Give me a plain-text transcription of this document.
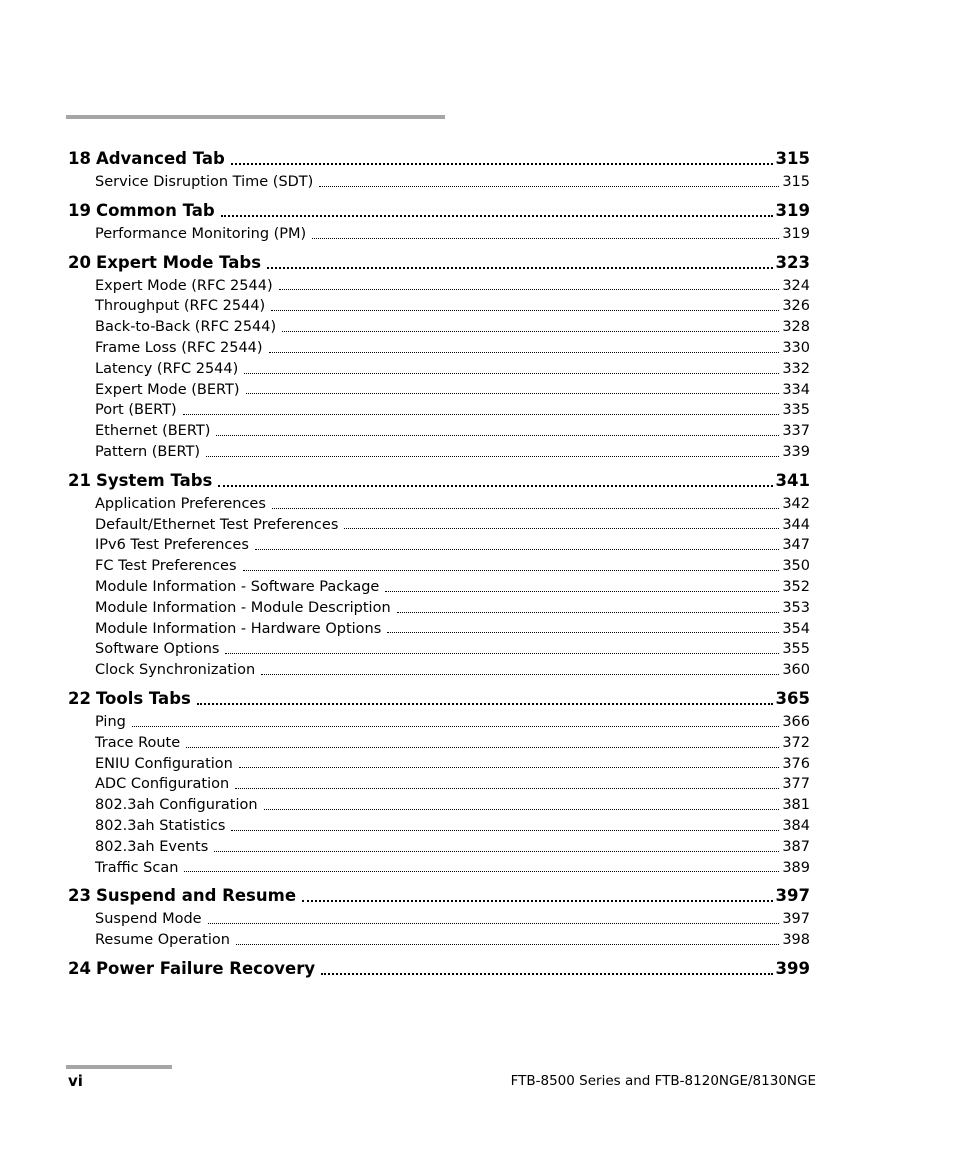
18 Advanced Tab	315
Service Disruption Time (SDT)	315
19 Common Tab	319
Performance Monitoring (PM)	319
20 Expert Mode Tabs	323
Expert Mode (RFC 2544)	324
Throughput (RFC 2544)	326
Back-to-Back (RFC 2544)	328
Frame Loss (RFC 2544)	330
Latency (RFC 2544)	332
Expert Mode (BERT)	334
Port (BERT)	335
Ethernet (BERT)	337
Pattern (BERT)	339
21 System Tabs	341
Application Preferences	342
Default/Ethernet Test Preferences	344
IPv6 Test Preferences	347
FC Test Preferences	350
Module Information - Software Package	352
Module Information - Module Description	353
Module Information - Hardware Options	354
Software Options	355
Clock Synchronization	360
22 Tools Tabs	365
Ping	366
Trace Route	372
ENIU Configuration	376
ADC Configuration	377
802.3ah Configuration	381
802.3ah Statistics	384
802.3ah Events	387
Traffic Scan	389
23 Suspend and Resume	397
Suspend Mode	397
Resume Operation	398
24 Power Failure Recovery	399
vi	FTB-8500 Series and FTB-8120NGE/8130NGE
